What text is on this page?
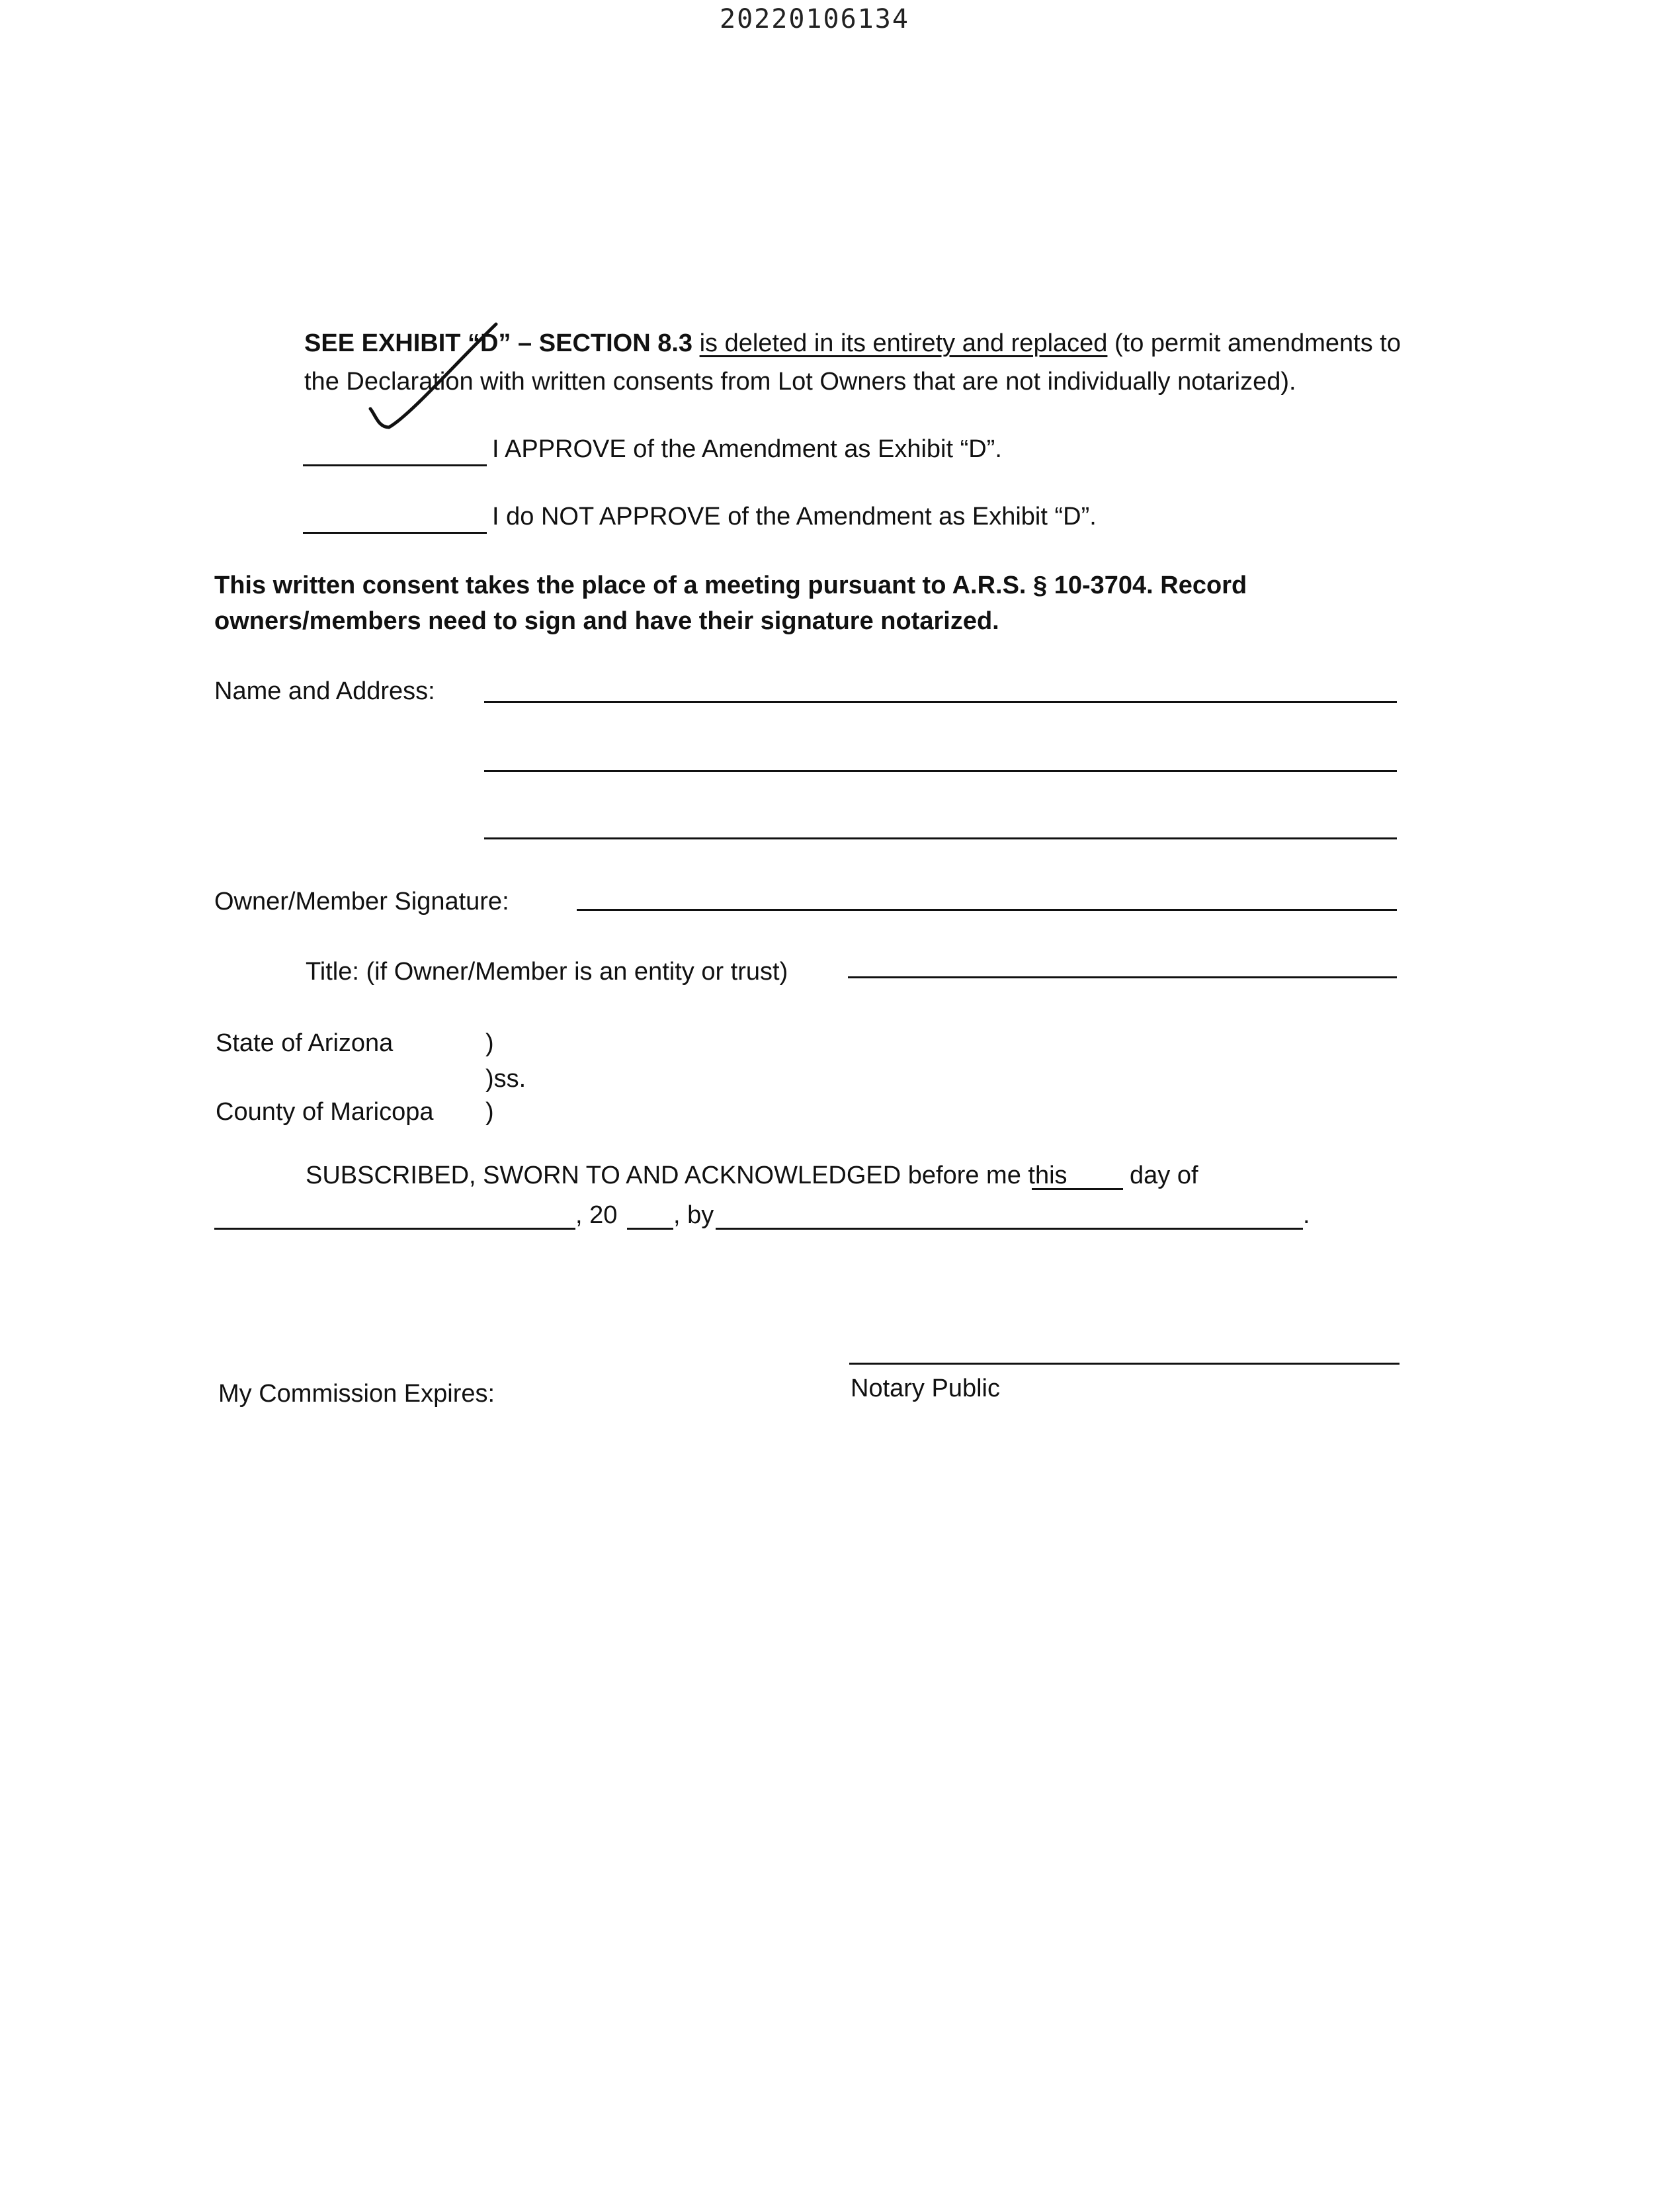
20220106134
SEE EXHIBIT “D” – SECTION 8.3 is deleted in its entirety and replaced (to permit amendments to
the Declaration with written consents from Lot Owners that are not individually notarized).
I APPROVE of the Amendment as Exhibit “D”.
I do NOT APPROVE of the Amendment as Exhibit “D”.
This written consent takes the place of a meeting pursuant to A.R.S. § 10-3704. Record
owners/members need to sign and have their signature notarized.
Name and Address:
Owner/Member Signature:
Title: (if Owner/Member is an entity or trust)
State of Arizona	)
)ss.
County of Maricopa )
SUBSCRIBED, SWORN TO AND ACKNOWLEDGED before me this day of
, 20 , by	.
My Commission Expires:	Notary Public
